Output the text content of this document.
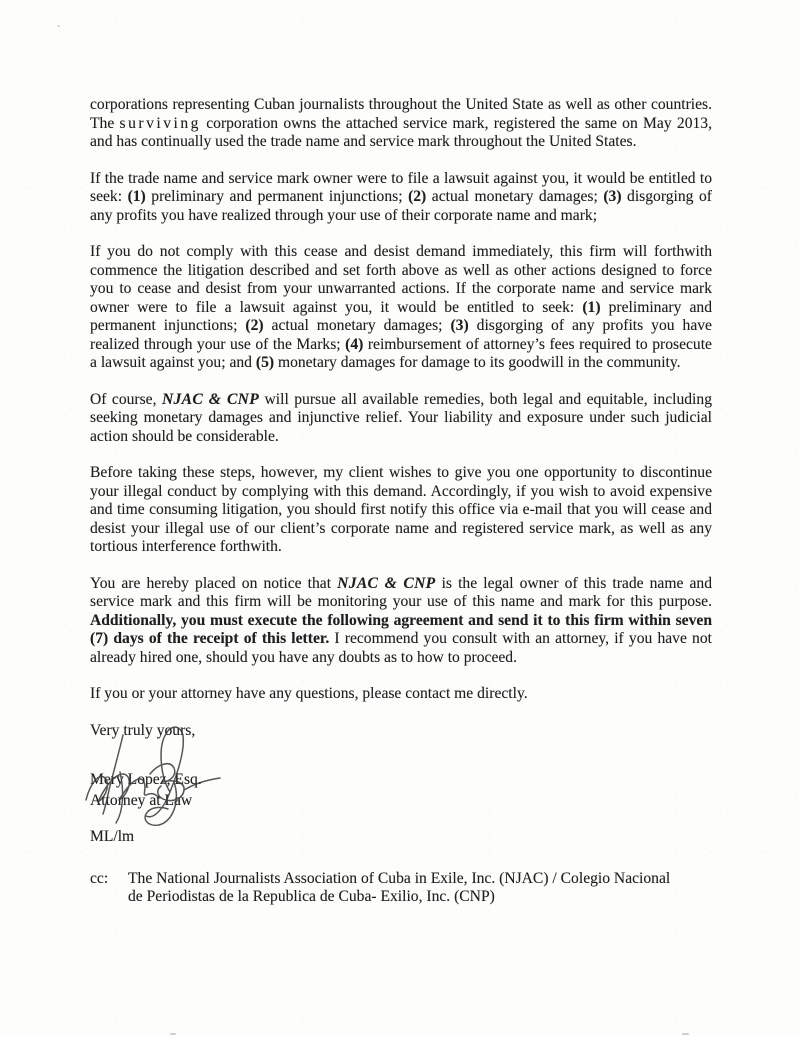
corporations representing Cuban journalists throughout the United State as well as other countries. The surviving corporation owns the attached service mark, registered the same on May 2013, and has continually used the trade name and service mark throughout the United States.

If the trade name and service mark owner were to file a lawsuit against you, it would be entitled to seek: (1) preliminary and permanent injunctions; (2) actual monetary damages; (3) disgorging of any profits you have realized through your use of their corporate name and mark;

If you do not comply with this cease and desist demand immediately, this firm will forthwith commence the litigation described and set forth above as well as other actions designed to force you to cease and desist from your unwarranted actions. If the corporate name and service mark owner were to file a lawsuit against you, it would be entitled to seek: (1) preliminary and permanent injunctions; (2) actual monetary damages; (3) disgorging of any profits you have realized through your use of the Marks; (4) reimbursement of attorney’s fees required to prosecute a lawsuit against you; and (5) monetary damages for damage to its goodwill in the community.

Of course, NJAC & CNP will pursue all available remedies, both legal and equitable, including seeking monetary damages and injunctive relief. Your liability and exposure under such judicial action should be considerable.

Before taking these steps, however, my client wishes to give you one opportunity to discontinue your illegal conduct by complying with this demand. Accordingly, if you wish to avoid expensive and time consuming litigation, you should first notify this office via e-mail that you will cease and desist your illegal use of our client’s corporate name and registered service mark, as well as any tortious interference forthwith.

You are hereby placed on notice that NJAC & CNP is the legal owner of this trade name and service mark and this firm will be monitoring your use of this name and mark for this purpose. Additionally, you must execute the following agreement and send it to this firm within seven (7) days of the receipt of this letter. I recommend you consult with an attorney, if you have not already hired one, should you have any doubts as to how to proceed.

If you or your attorney have any questions, please contact me directly.

Very truly yours,

Mery Lopez, Esq.

Attorney at Law

ML/lm

cc:	The National Journalists Association of Cuba in Exile, Inc. (NJAC) / Colegio Nacional
de Periodistas de la Republica de Cuba- Exilio, Inc. (CNP)
